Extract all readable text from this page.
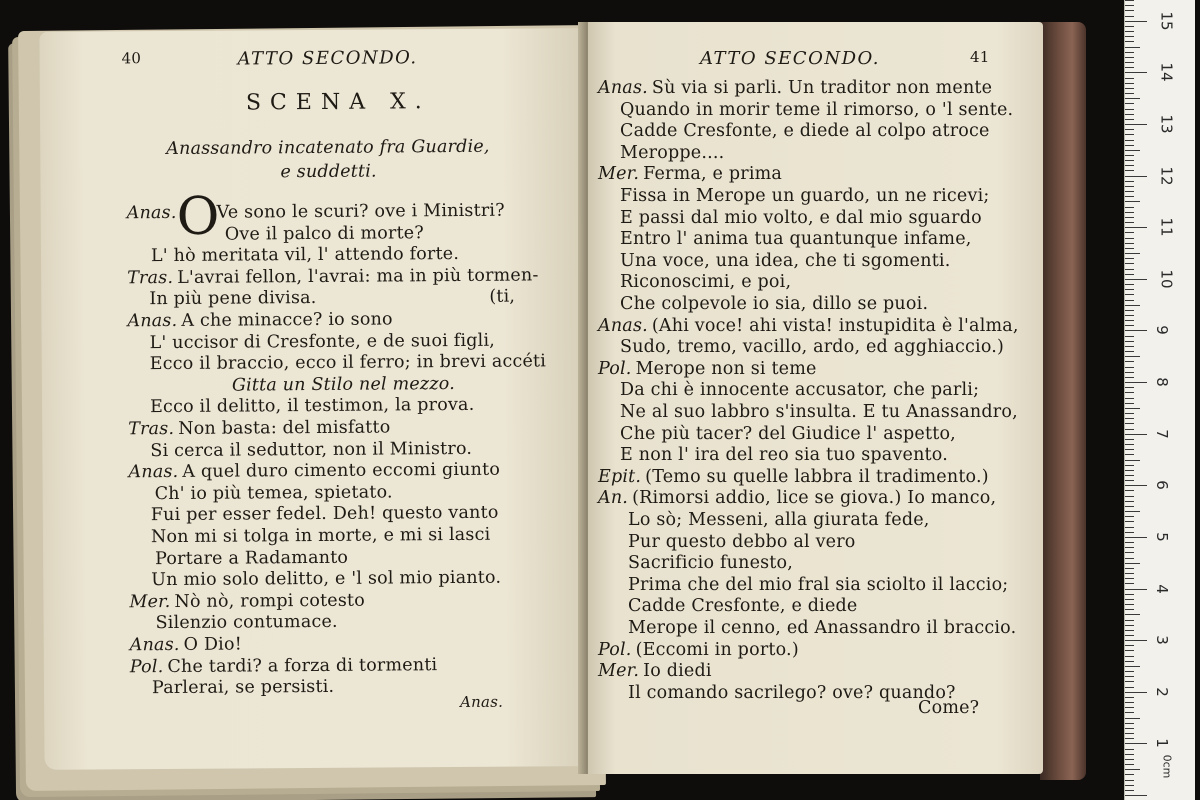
40	ATTO SECONDO.
SCENA X.
Anassandro incatenato fra Guardie,
e suddetti.
O
Anas. Ve sono le scuri? ove i Ministri?
Ove il palco di morte?
L' hò meritata vil, l' attendo forte.
Tras. L'avrai fellon, l'avrai: ma in più tormen-
In più pene divisa.
Anas. A che minacce? io sono
L' uccisor di Cresfonte, e de suoi figli,
Ecco il braccio, ecco il ferro; in brevi accéti
Gitta un Stilo nel mezzo.
Ecco il delitto, il testimon, la prova.
Tras. Non basta: del misfatto
Si cerca il seduttor, non il Ministro.
Anas. A quel duro cimento eccomi giunto
Ch' io più temea, spietato.
Fui per esser fedel. Deh! questo vanto
Non mi si tolga in morte, e mi si lasci
Portare a Radamanto
Un mio solo delitto, e 'l sol mio pianto.
Mer. Nò nò, rompi cotesto
Silenzio contumace.
Anas. O Dio!
Pol. Che tardi? a forza di tormenti
Parlerai, se persisti.
(ti,
Anas.
ATTO SECONDO.	41
Anas. Sù via si parli. Un traditor non mente
Quando in morir teme il rimorso, o 'l sente.
Cadde Cresfonte, e diede al colpo atroce
Meroppe....
Mer. Ferma, e prima
Fissa in Merope un guardo, un ne ricevi;
E passi dal mio volto, e dal mio sguardo
Entro l' anima tua quantunque infame,
Una voce, una idea, che ti sgomenti.
Riconoscimi, e poi,
Che colpevole io sia, dillo se puoi.
Anas. (Ahi voce! ahi vista! instupidita è l'alma,
Sudo, tremo, vacillo, ardo, ed agghiaccio.)
Pol. Merope non si teme
Da chi è innocente accusator, che parli;
Ne al suo labbro s'insulta. E tu Anassandro,
Che più tacer? del Giudice l' aspetto,
E non l' ira del reo sia tuo spavento.
Epit. (Temo su quelle labbra il tradimento.)
An. (Rimorsi addio, lice se giova.) Io manco,
Lo sò; Messeni, alla giurata fede,
Pur questo debbo al vero
Sacrificio funesto,
Prima che del mio fral sia sciolto il laccio;
Cadde Cresfonte, e diede
Merope il cenno, ed Anassandro il braccio.
Pol. (Eccomi in porto.)
Mer. Io diedi
Il comando sacrilego? ove? quando?
Come?
15
14
13
12
11
10
9
8
7
6
5
4
3
2
1
0cm
